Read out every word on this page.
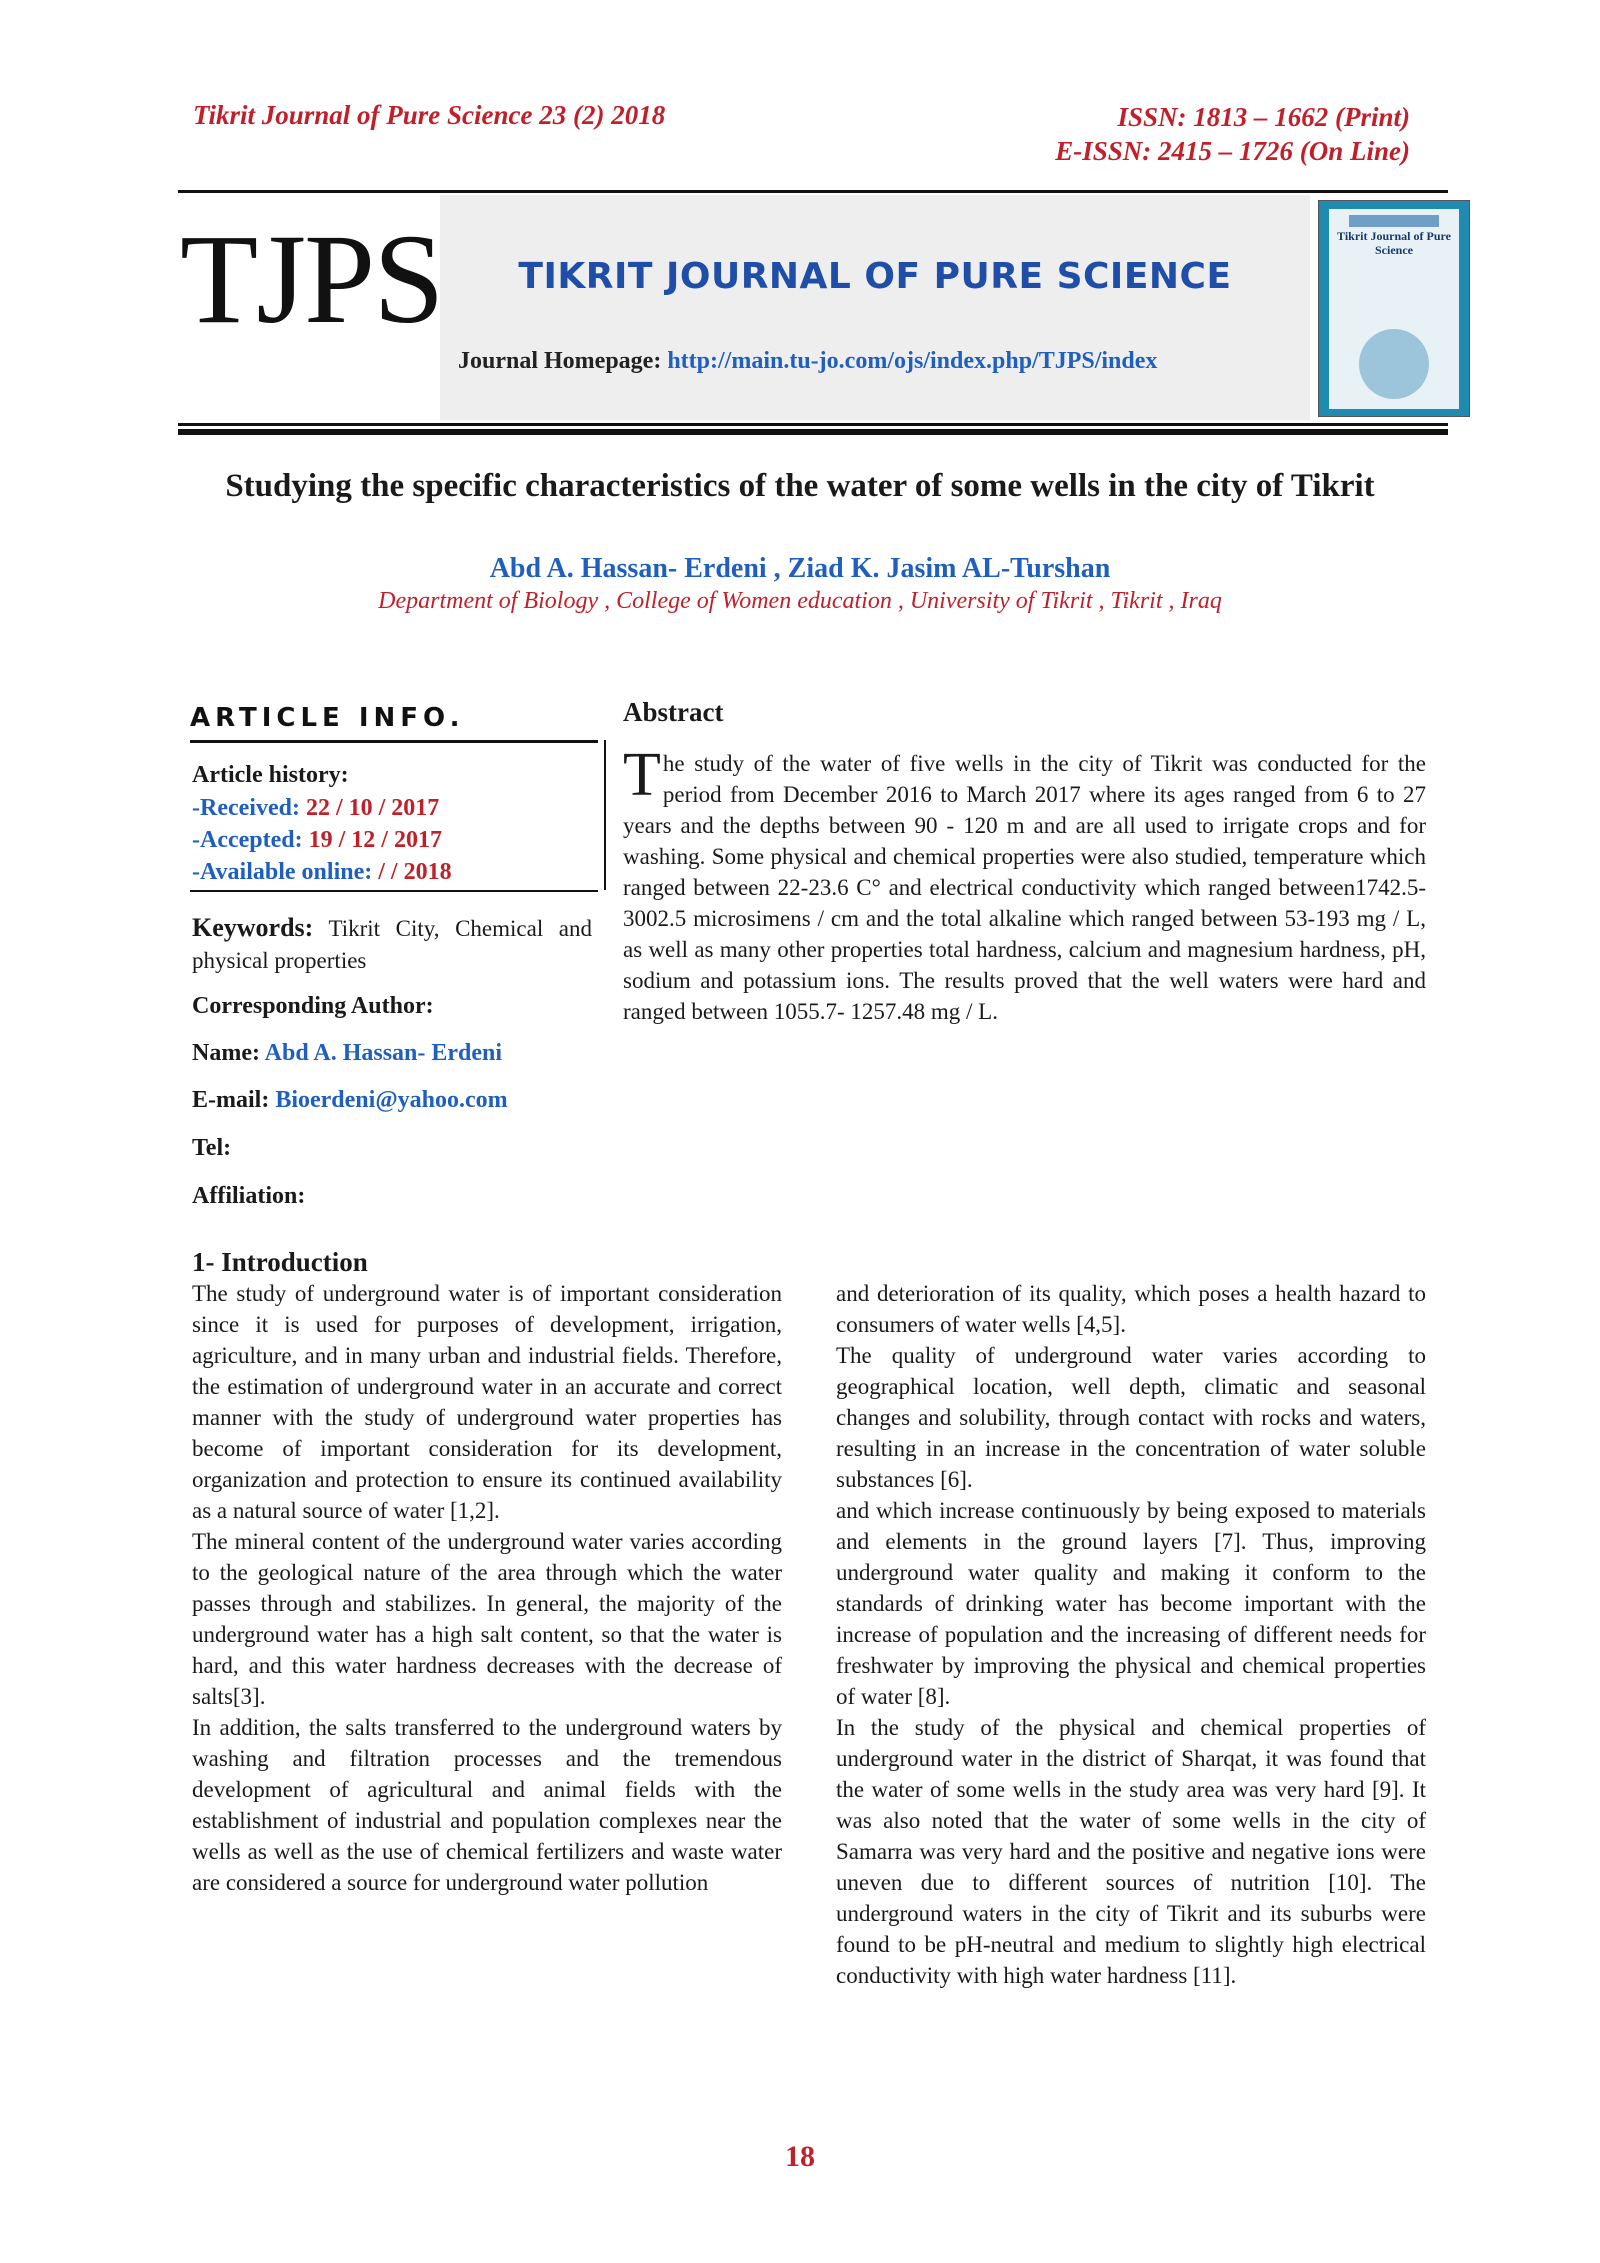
Tikrit Journal of Pure Science 23 (2) 2018	ISSN: 1813 – 1662 (Print)
E-ISSN: 2415 – 1726 (On Line)
TJPS	TIKRIT JOURNAL OF PURE SCIENCE
Journal Homepage: http://main.tu-jo.com/ojs/index.php/TJPS/index
Tikrit Journal of Pure Science
Studying the specific characteristics of the water of some wells in the city of Tikrit
Abd A. Hassan- Erdeni , Ziad K. Jasim AL-Turshan
Department of Biology , College of Women education , University of Tikrit , Tikrit , Iraq
ARTICLE INFO.
Article history:
-Received: 22 / 10 / 2017
-Accepted: 19 / 12 / 2017
-Available online: / / 2018
Keywords: Tikrit City, Chemical and physical properties
Corresponding Author:
Name: Abd A. Hassan- Erdeni
E-mail: Bioerdeni@yahoo.com
Tel:
Affiliation:
Abstract
The study of the water of five wells in the city of Tikrit was conducted for the period from December 2016 to March 2017 where its ages ranged from 6 to 27 years and the depths between 90 - 120 m and are all used to irrigate crops and for washing. Some physical and chemical properties were also studied, temperature which ranged between 22-23.6 C° and electrical conductivity which ranged between1742.5-3002.5 microsimens / cm and the total alkaline which ranged between 53-193 mg / L, as well as many other properties total hardness, calcium and magnesium hardness, pH, sodium and potassium ions. The results proved that the well waters were hard and ranged between 1055.7- 1257.48 mg / L.
1- Introduction

The study of underground water is of important consideration since it is used for purposes of development, irrigation, agriculture, and in many urban and industrial fields. Therefore, the estimation of underground water in an accurate and correct manner with the study of underground water properties has become of important consideration for its development, organization and protection to ensure its continued availability as a natural source of water [1,2].

The mineral content of the underground water varies according to the geological nature of the area through which the water passes through and stabilizes. In general, the majority of the underground water has a high salt content, so that the water is hard, and this water hardness decreases with the decrease of salts[3].

In addition, the salts transferred to the underground waters by washing and filtration processes and the tremendous development of agricultural and animal fields with the establishment of industrial and population complexes near the wells as well as the use of chemical fertilizers and waste water are considered a source for underground water pollution

and deterioration of its quality, which poses a health hazard to consumers of water wells [4,5].

The quality of underground water varies according to geographical location, well depth, climatic and seasonal changes and solubility, through contact with rocks and waters, resulting in an increase in the concentration of water soluble substances [6].

and which increase continuously by being exposed to materials and elements in the ground layers [7]. Thus, improving underground water quality and making it conform to the standards of drinking water has become important with the increase of population and the increasing of different needs for freshwater by improving the physical and chemical properties of water [8].

In the study of the physical and chemical properties of underground water in the district of Sharqat, it was found that the water of some wells in the study area was very hard [9]. It was also noted that the water of some wells in the city of Samarra was very hard and the positive and negative ions were uneven due to different sources of nutrition [10]. The underground waters in the city of Tikrit and its suburbs were found to be pH-neutral and medium to slightly high electrical conductivity with high water hardness [11].

18
